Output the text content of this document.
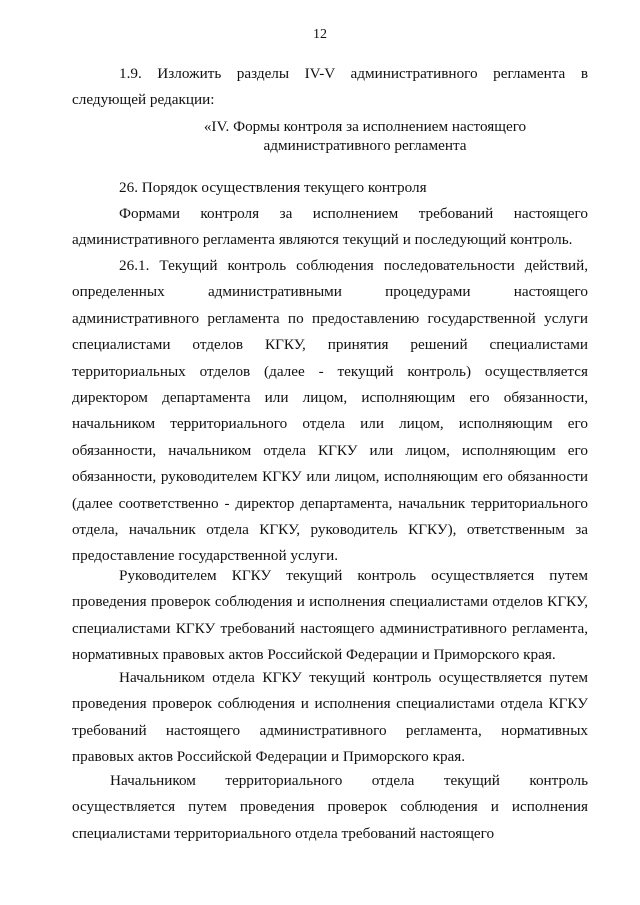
12
1.9. Изложить разделы IV-V административного регламента в
следующей редакции:
«IV. Формы контроля за исполнением настоящего
административного регламента
26. Порядок осуществления текущего контроля
Формами контроля за исполнением требований настоящего административного регламента являются текущий и последующий контроль.
26.1. Текущий контроль соблюдения последовательности действий, определенных административными процедурами настоящего административного регламента по предоставлению государственной услуги специалистами отделов КГКУ, принятия решений специалистами территориальных отделов (далее - текущий контроль) осуществляется директором департамента или лицом, исполняющим его обязанности, начальником территориального отдела или лицом, исполняющим его обязанности, начальником отдела КГКУ или лицом, исполняющим его обязанности, руководителем КГКУ или лицом, исполняющим его обязанности (далее соответственно - директор департамента, начальник территориального отдела, начальник отдела КГКУ, руководитель КГКУ), ответственным за предоставление государственной услуги.
Руководителем КГКУ текущий контроль осуществляется путем проведения проверок соблюдения и исполнения специалистами отделов КГКУ, специалистами КГКУ требований настоящего административного регламента, нормативных правовых актов Российской Федерации и Приморского края.
Начальником отдела КГКУ текущий контроль осуществляется путем проведения проверок соблюдения и исполнения специалистами отдела КГКУ требований настоящего административного регламента, нормативных правовых актов Российской Федерации и Приморского края.
Начальником территориального отдела текущий контроль осуществляется путем проведения проверок соблюдения и исполнения специалистами территориального отдела требований настоящего
